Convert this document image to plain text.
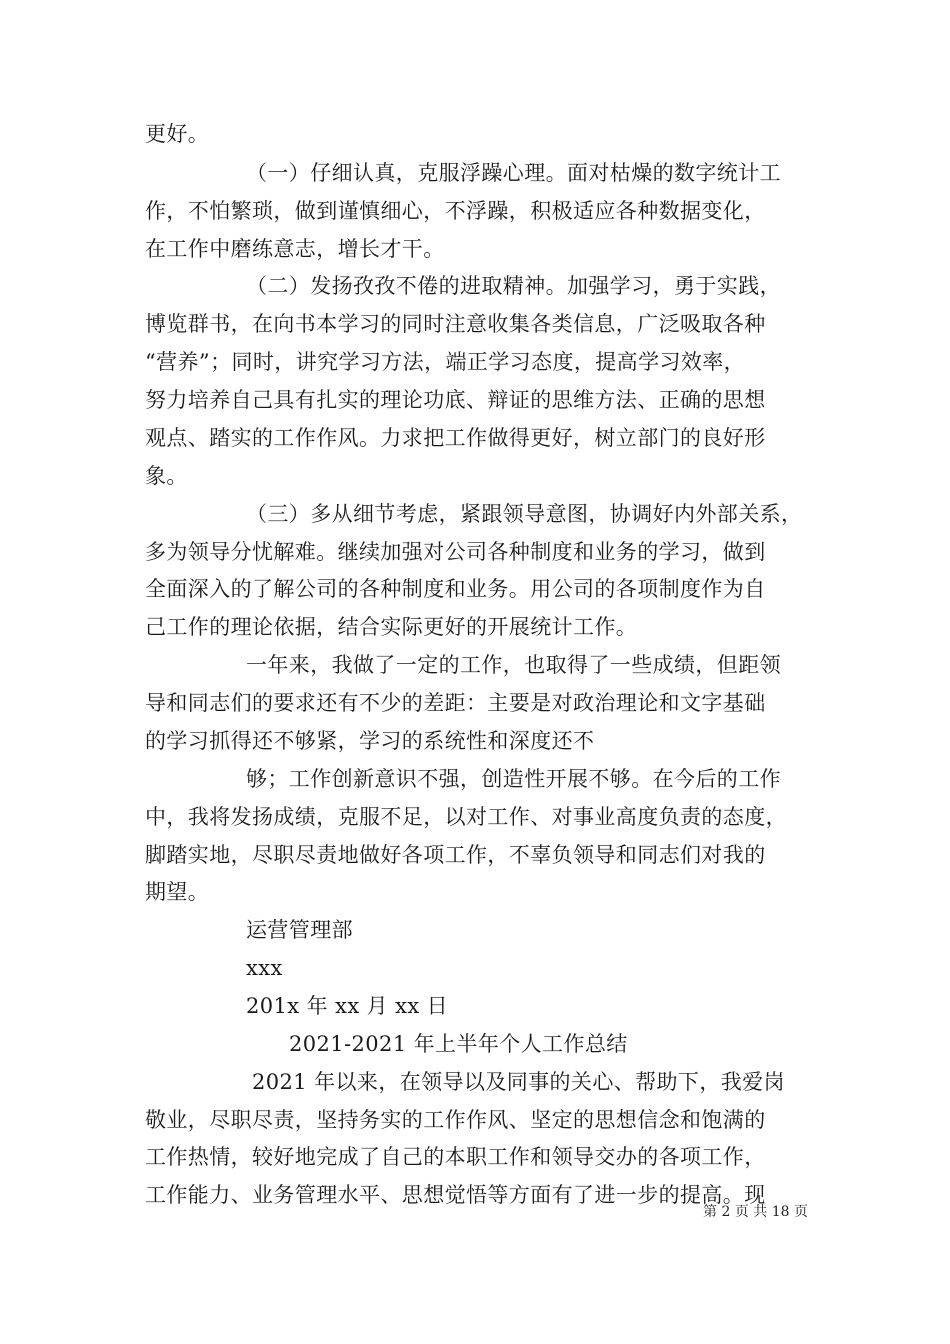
更好。
（一）仔细认真，克服浮躁心理。面对枯燥的数字统计工
作，不怕繁琐，做到谨慎细心，不浮躁，积极适应各种数据变化，
在工作中磨练意志，增长才干。
（二）发扬孜孜不倦的进取精神。加强学习，勇于实践，
博览群书，在向书本学习的同时注意收集各类信息，广泛吸取各种
“营养”；同时，讲究学习方法，端正学习态度，提高学习效率，
努力培养自己具有扎实的理论功底、辩证的思维方法、正确的思想
观点、踏实的工作作风。力求把工作做得更好，树立部门的良好形
象。
（三）多从细节考虑，紧跟领导意图，协调好内外部关系，
多为领导分忧解难。继续加强对公司各种制度和业务的学习，做到
全面深入的了解公司的各种制度和业务。用公司的各项制度作为自
己工作的理论依据，结合实际更好的开展统计工作。
一年来，我做了一定的工作，也取得了一些成绩，但距领
导和同志们的要求还有不少的差距：主要是对政治理论和文字基础
的学习抓得还不够紧，学习的系统性和深度还不
够；工作创新意识不强，创造性开展不够。在今后的工作
中，我将发扬成绩，克服不足，以对工作、对事业高度负责的态度，
脚踏实地，尽职尽责地做好各项工作，不辜负领导和同志们对我的
期望。
运营管理部
xxx
201x 年 xx 月 xx 日
2021-2021 年上半年个人工作总结
2021 年以来，在领导以及同事的关心、帮助下，我爱岗
敬业，尽职尽责，坚持务实的工作作风、坚定的思想信念和饱满的
工作热情，较好地完成了自己的本职工作和领导交办的各项工作，
工作能力、业务管理水平、思想觉悟等方面有了进一步的提高。现
第 2 页 共 18 页
